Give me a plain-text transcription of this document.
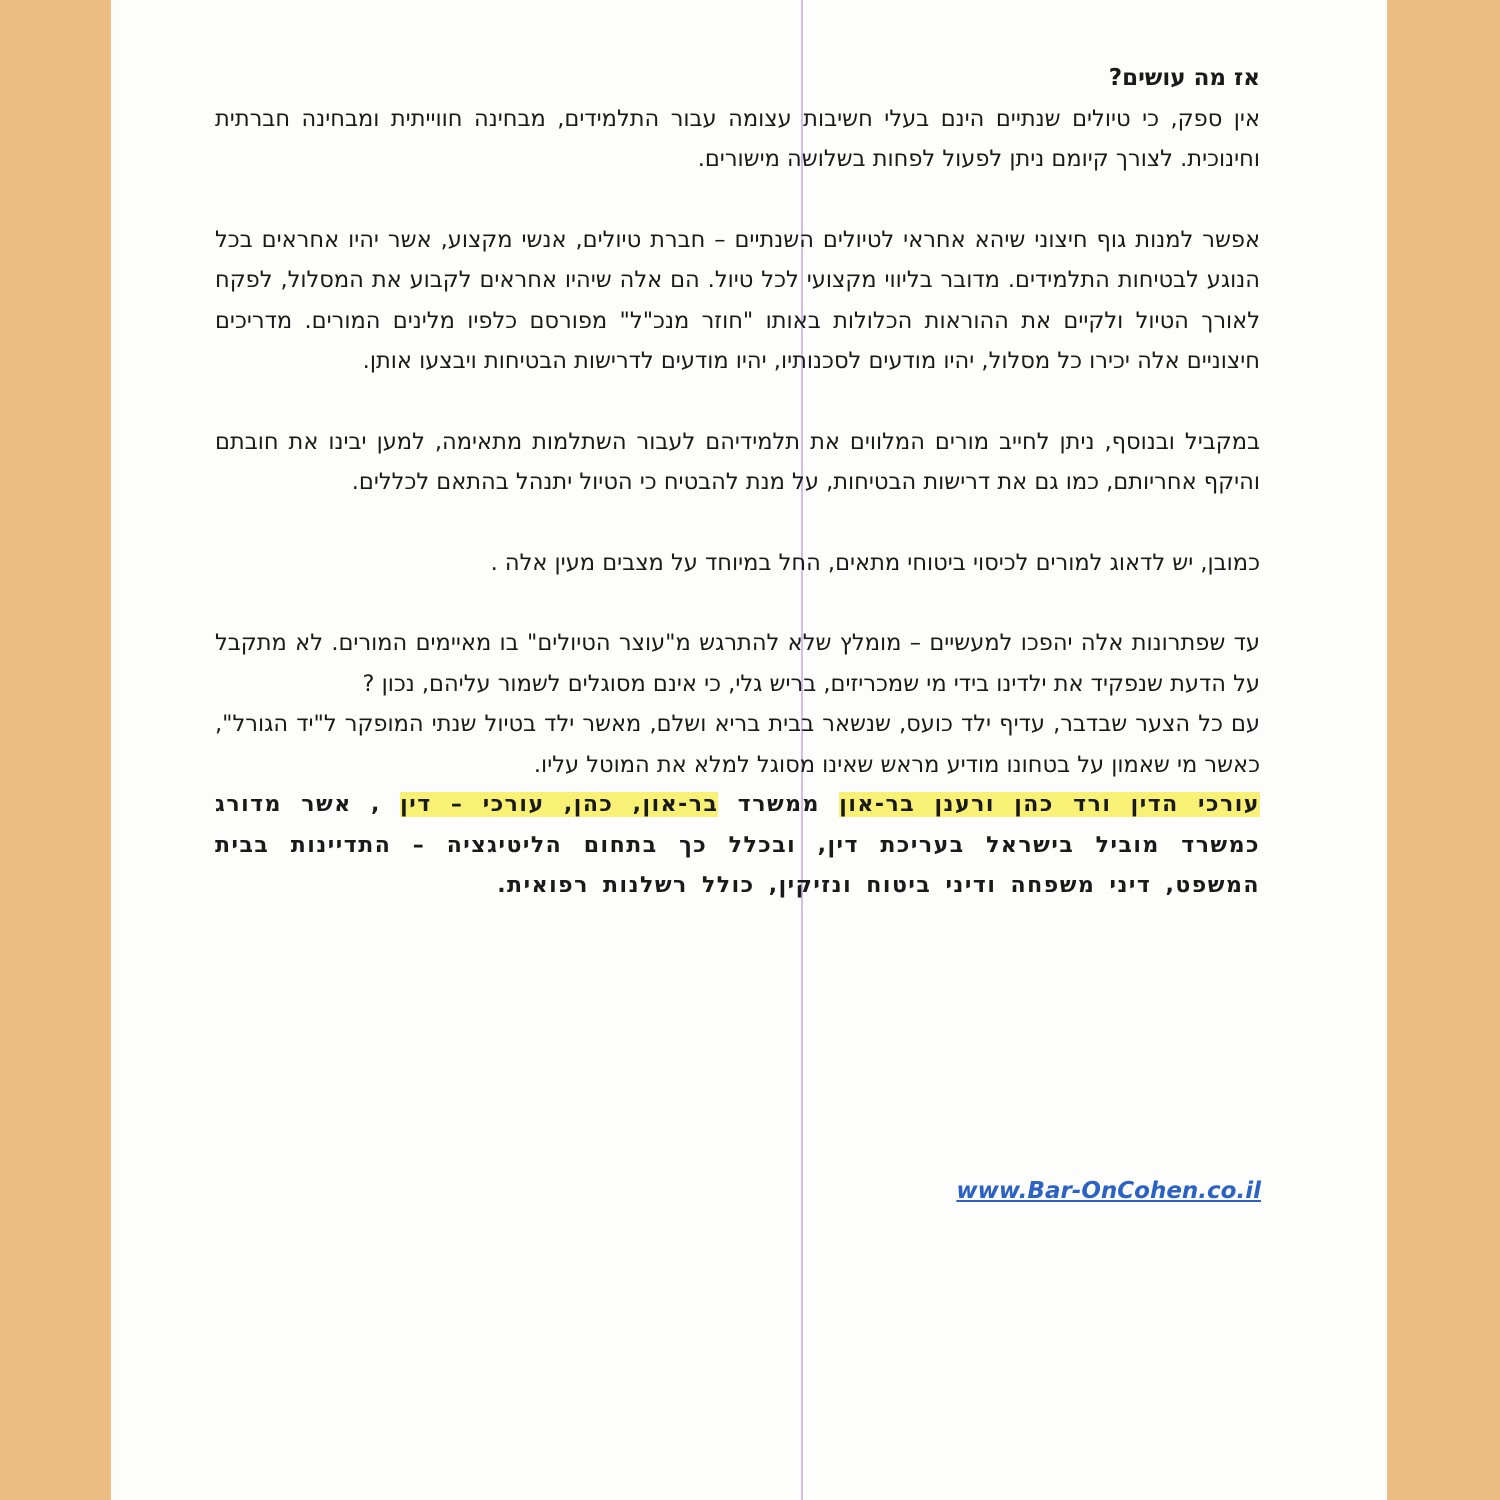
אז מה עושים?

אין ספק, כי טיולים שנתיים הינם בעלי חשיבות עצומה עבור התלמידים, מבחינה חווייתית ומבחינה חברתית וחינוכית. לצורך קיומם ניתן לפעול לפחות בשלושה מישורים.

אפשר למנות גוף חיצוני שיהא אחראי לטיולים השנתיים – חברת טיולים, אנשי מקצוע, אשר יהיו אחראים בכל הנוגע לבטיחות התלמידים. מדובר בליווי מקצועי לכל טיול. הם אלה שיהיו אחראים לקבוע את המסלול, לפקח לאורך הטיול ולקיים את ההוראות הכלולות באותו "חוזר מנכ"ל" מפורסם כלפיו מלינים המורים. מדריכים חיצוניים אלה יכירו כל מסלול, יהיו מודעים לסכנותיו, יהיו מודעים לדרישות הבטיחות ויבצעו אותן.

במקביל ובנוסף, ניתן לחייב מורים המלווים את תלמידיהם לעבור השתלמות מתאימה, למען יבינו את חובתם והיקף אחריותם, כמו גם את דרישות הבטיחות, על מנת להבטיח כי הטיול יתנהל בהתאם לכללים.

כמובן, יש לדאוג למורים לכיסוי ביטוחי מתאים, החל במיוחד על מצבים מעין אלה .

עד שפתרונות אלה יהפכו למעשיים – מומלץ שלא להתרגש מ"עוצר הטיולים" בו מאיימים המורים. לא מתקבל על הדעת שנפקיד את ילדינו בידי מי שמכריזים, בריש גלי, כי אינם מסוגלים לשמור עליהם, נכון ?

עם כל הצער שבדבר, עדיף ילד כועס, שנשאר בבית בריא ושלם, מאשר ילד בטיול שנתי המופקר ל"יד הגורל", כאשר מי שאמון על בטחונו מודיע מראש שאינו מסוגל למלא את המוטל עליו.

עורכי הדין ורד כהן ורענן בר-און ממשרד בר-און, כהן, עורכי – דין , אשר מדורג כמשרד מוביל בישראל בעריכת דין, ובכלל כך בתחום הליטיגציה – התדיינות בבית המשפט, דיני משפחה ודיני ביטוח ונזיקין, כולל רשלנות רפואית.

www.Bar-OnCohen.co.il
